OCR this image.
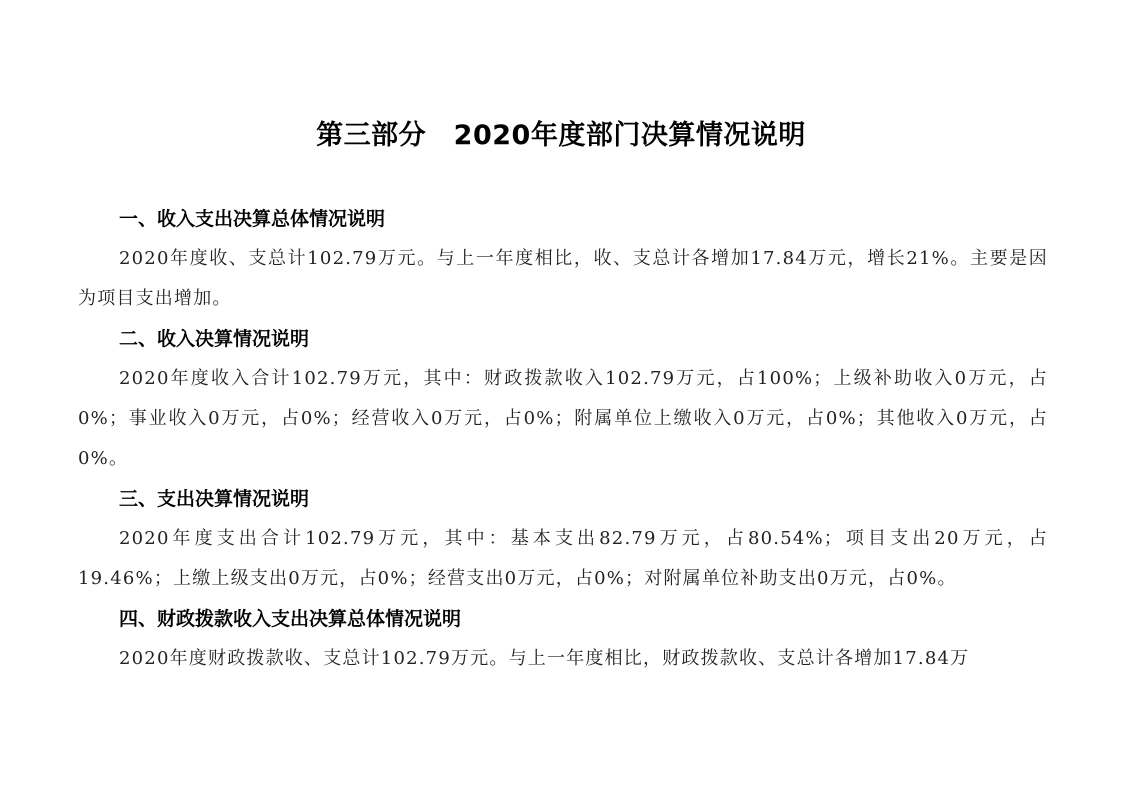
第三部分　2020年度部门决算情况说明
一、收入支出决算总体情况说明

2020年度收、支总计102.79万元。与上一年度相比，收、支总计各增加17.84万元，增长21%。主要是因为项目支出增加。

二、收入决算情况说明

2020年度收入合计102.79万元，其中：财政拨款收入102.79万元，占100%；上级补助收入0万元，占0%；事业收入0万元，占0%；经营收入0万元，占0%；附属单位上缴收入0万元，占0%；其他收入0万元，占0%。

三、支出决算情况说明

2020年度支出合计102.79万元，其中：基本支出82.79万元，占80.54%；项目支出20万元，占19.46%；上缴上级支出0万元，占0%；经营支出0万元，占0%；对附属单位补助支出0万元，占0%。

四、财政拨款收入支出决算总体情况说明

2020年度财政拨款收、支总计102.79万元。与上一年度相比，财政拨款收、支总计各增加17.84万
